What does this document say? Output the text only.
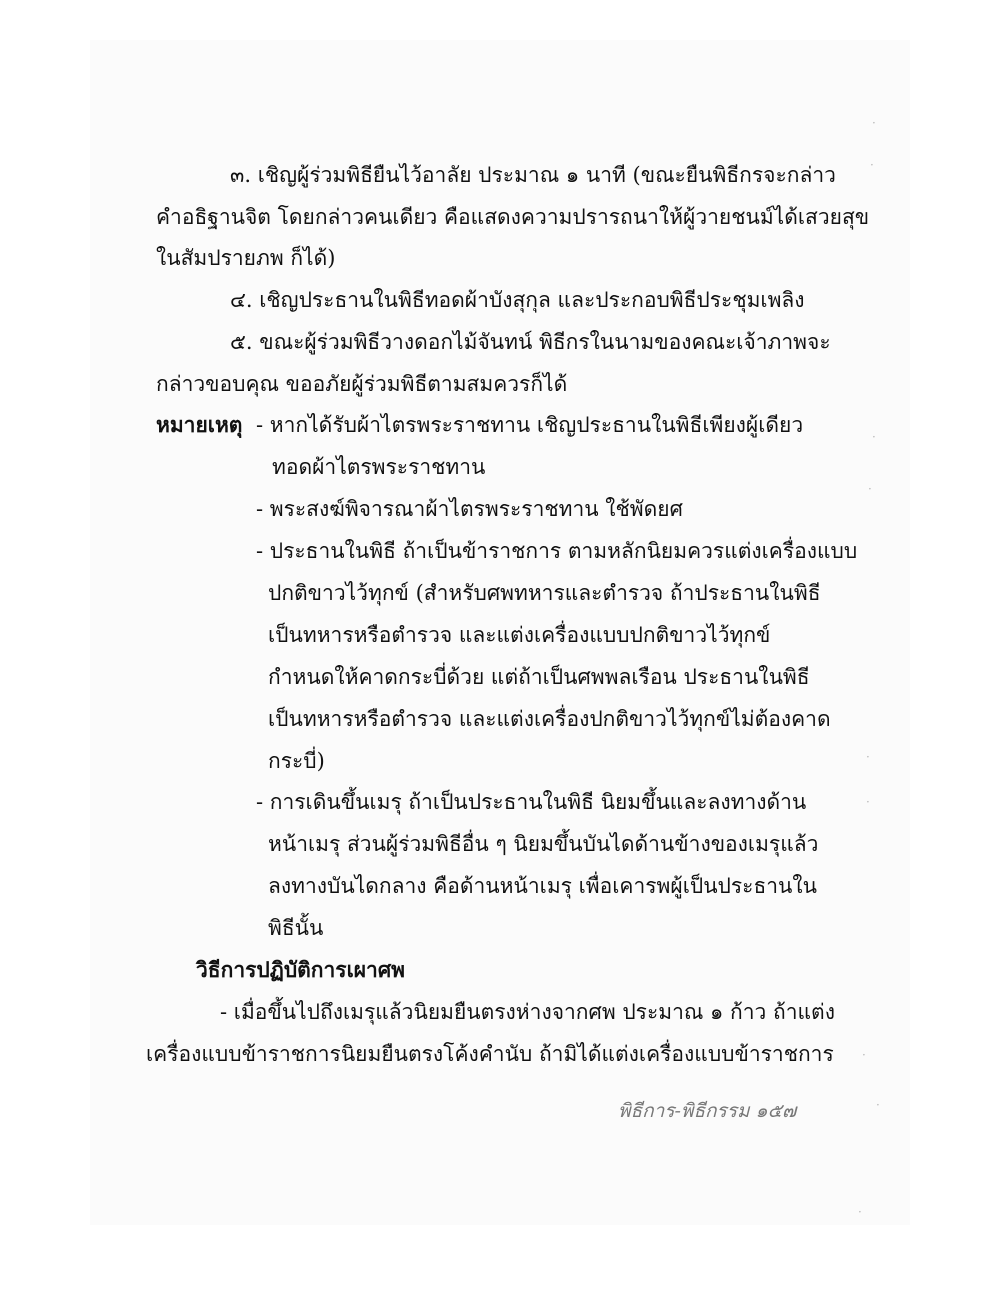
๓. เชิญผู้ร่วมพิธียืนไว้อาลัย ประมาณ ๑ นาที (ขณะยืนพิธีกรจะกล่าว
คำอธิฐานจิต โดยกล่าวคนเดียว คือแสดงความปรารถนาให้ผู้วายชนม์ได้เสวยสุข
ในสัมปรายภพ ก็ได้)
๔. เชิญประธานในพิธีทอดผ้าบังสุกุล และประกอบพิธีประชุมเพลิง
๕. ขณะผู้ร่วมพิธีวางดอกไม้จันทน์ พิธีกรในนามของคณะเจ้าภาพจะ
กล่าวขอบคุณ ขออภัยผู้ร่วมพิธีตามสมควรก็ได้
หมายเหตุ - หากได้รับผ้าไตรพระราชทาน เชิญประธานในพิธีเพียงผู้เดียว
ทอดผ้าไตรพระราชทาน
- พระสงฆ์พิจารณาผ้าไตรพระราชทาน ใช้พัดยศ
- ประธานในพิธี ถ้าเป็นข้าราชการ ตามหลักนิยมควรแต่งเครื่องแบบ
ปกติขาวไว้ทุกข์ (สำหรับศพทหารและตำรวจ ถ้าประธานในพิธี
เป็นทหารหรือตำรวจ และแต่งเครื่องแบบปกติขาวไว้ทุกข์
กำหนดให้คาดกระบี่ด้วย แต่ถ้าเป็นศพพลเรือน ประธานในพิธี
เป็นทหารหรือตำรวจ และแต่งเครื่องปกติขาวไว้ทุกข์ไม่ต้องคาด
กระบี่)
- การเดินขึ้นเมรุ ถ้าเป็นประธานในพิธี นิยมขึ้นและลงทางด้าน
หน้าเมรุ ส่วนผู้ร่วมพิธีอื่น ๆ นิยมขึ้นบันไดด้านข้างของเมรุแล้ว
ลงทางบันไดกลาง คือด้านหน้าเมรุ เพื่อเคารพผู้เป็นประธานใน
พิธีนั้น
วิธีการปฏิบัติการเผาศพ
- เมื่อขึ้นไปถึงเมรุแล้วนิยมยืนตรงห่างจากศพ ประมาณ ๑ ก้าว ถ้าแต่ง
เครื่องแบบข้าราชการนิยมยืนตรงโค้งคำนับ ถ้ามิได้แต่งเครื่องแบบข้าราชการ
พิธีการ-พิธีกรรม ๑๕๗
·
·
·
·
·
·
·
·
·
